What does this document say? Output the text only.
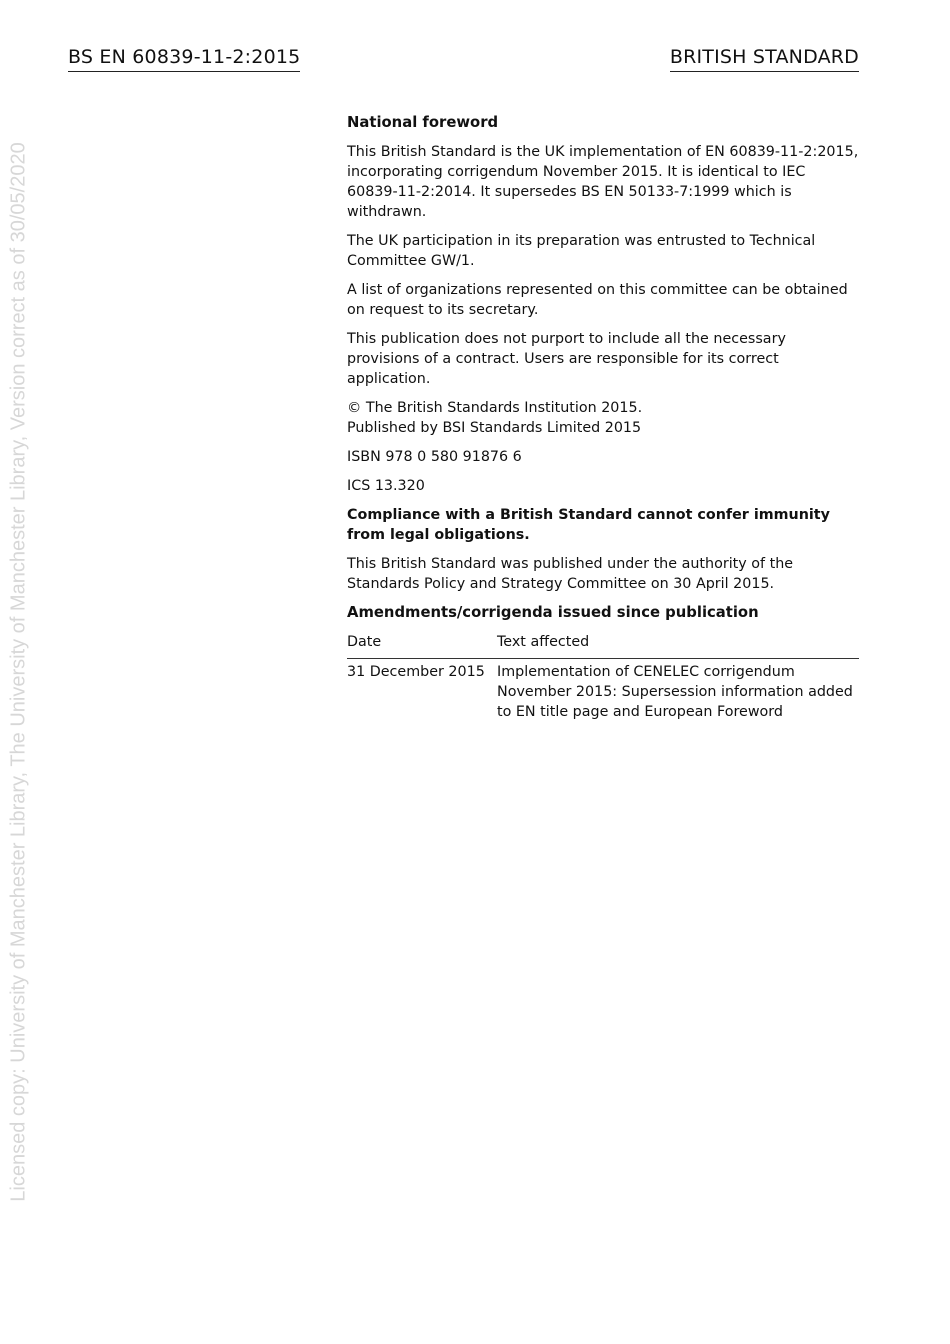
BS EN 60839-11-2:2015	BRITISH STANDARD
Licensed copy: University of Manchester Library, The University of Manchester Library, Version correct as of 30/05/2020
National foreword

This British Standard is the UK implementation of EN 60839-11-2:2015, incorporating corrigendum November 2015. It is identical to IEC 60839-11-2:2014. It supersedes BS EN 50133-7:1999 which is withdrawn.

The UK participation in its preparation was entrusted to Technical Committee GW/1.

A list of organizations represented on this committee can be obtained on request to its secretary.

This publication does not purport to include all the necessary provisions of a contract. Users are responsible for its correct application.

© The British Standards Institution 2015.
Published by BSI Standards Limited 2015

ISBN 978 0 580 91876 6

ICS 13.320

Compliance with a British Standard cannot confer immunity from legal obligations.

This British Standard was published under the authority of the Standards Policy and Strategy Committee on 30 April 2015.

Amendments/corrigenda issued since publication
Date	Text affected
31 December 2015	Implementation of CENELEC corrigendum November 2015: Supersession information added to EN title page and European Foreword
